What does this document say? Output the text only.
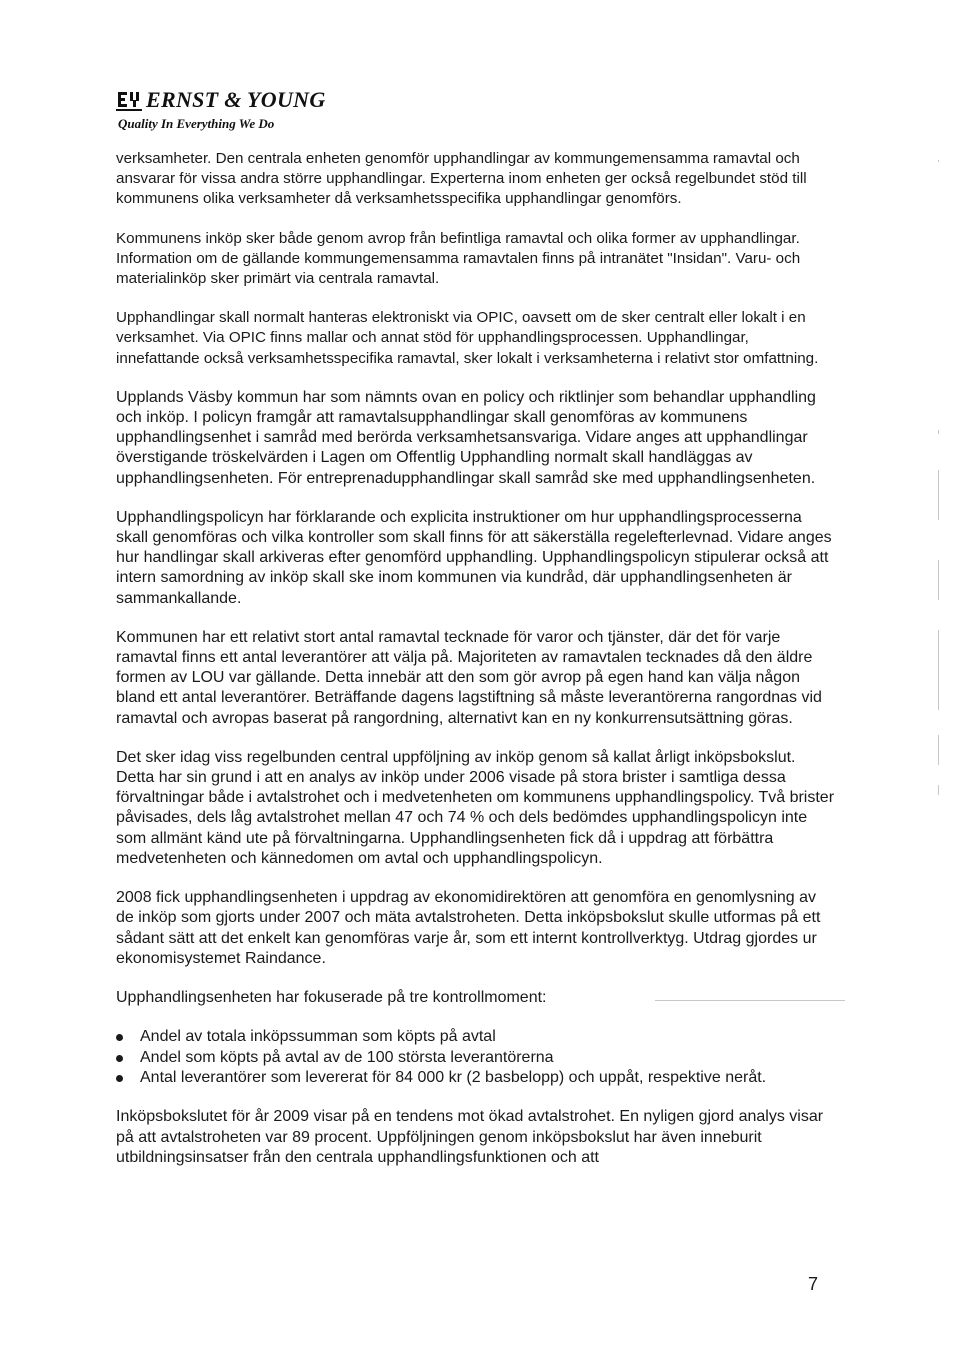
ERNST & YOUNG
Quality In Everything We Do

verksamheter. Den centrala enheten genomför upphandlingar av kommungemensamma ramavtal och ansvarar för vissa andra större upphandlingar. Experterna inom enheten ger också regelbundet stöd till kommunens olika verksamheter då verksamhetsspecifika upphandlingar genomförs.

Kommunens inköp sker både genom avrop från befintliga ramavtal och olika former av upphandlingar. Information om de gällande kommungemensamma ramavtalen finns på intranätet "Insidan". Varu- och materialinköp sker primärt via centrala ramavtal.

Upphandlingar skall normalt hanteras elektroniskt via OPIC, oavsett om de sker centralt eller lokalt i en verksamhet. Via OPIC finns mallar och annat stöd för upphandlingsprocessen. Upphandlingar, innefattande också verksamhetsspecifika ramavtal, sker lokalt i verksamheterna i relativt stor omfattning.

Upplands Väsby kommun har som nämnts ovan en policy och riktlinjer som behandlar upphandling och inköp. I policyn framgår att ramavtalsupphandlingar skall genomföras av kommunens upphandlingsenhet i samråd med berörda verksamhetsansvariga. Vidare anges att upphandlingar överstigande tröskelvärden i Lagen om Offentlig Upphandling normalt skall handläggas av upphandlingsenheten. För entreprenadupphandlingar skall samråd ske med upphandlingsenheten.

Upphandlingspolicyn har förklarande och explicita instruktioner om hur upphandlingsprocesserna skall genomföras och vilka kontroller som skall finns för att säkerställa regelefterlevnad. Vidare anges hur handlingar skall arkiveras efter genomförd upphandling. Upphandlingspolicyn stipulerar också att intern samordning av inköp skall ske inom kommunen via kundråd, där upphandlingsenheten är sammankallande.

Kommunen har ett relativt stort antal ramavtal tecknade för varor och tjänster, där det för varje ramavtal finns ett antal leverantörer att välja på. Majoriteten av ramavtalen tecknades då den äldre formen av LOU var gällande. Detta innebär att den som gör avrop på egen hand kan välja någon bland ett antal leverantörer. Beträffande dagens lagstiftning så måste leverantörerna rangordnas vid ramavtal och avropas baserat på rangordning, alternativt kan en ny konkurrensutsättning göras.

Det sker idag viss regelbunden central uppföljning av inköp genom så kallat årligt inköpsbokslut. Detta har sin grund i att en analys av inköp under 2006 visade på stora brister i samtliga dessa förvaltningar både i avtalstrohet och i medvetenheten om kommunens upphandlingspolicy. Två brister påvisades, dels låg avtalstrohet mellan 47 och 74 % och dels bedömdes upphandlingspolicyn inte som allmänt känd ute på förvaltningarna. Upphandlingsenheten fick då i uppdrag att förbättra medvetenheten och kännedomen om avtal och upphandlingspolicyn.

2008 fick upphandlingsenheten i uppdrag av ekonomidirektören att genomföra en genomlysning av de inköp som gjorts under 2007 och mäta avtalstroheten. Detta inköpsbokslut skulle utformas på ett sådant sätt att det enkelt kan genomföras varje år, som ett internt kontrollverktyg. Utdrag gjordes ur ekonomisystemet Raindance.

Upphandlingsenheten har fokuserade på tre kontrollmoment:

Andel av totala inköpssumman som köpts på avtal
Andel som köpts på avtal av de 100 största leverantörerna
Antal leverantörer som levererat för 84 000 kr (2 basbelopp) och uppåt, respektive neråt.

Inköpsbokslutet för år 2009 visar på en tendens mot ökad avtalstrohet. En nyligen gjord analys visar på att avtalstroheten var 89 procent. Uppföljningen genom inköpsbokslut har även inneburit utbildningsinsatser från den centrala upphandlingsfunktionen och att

7
